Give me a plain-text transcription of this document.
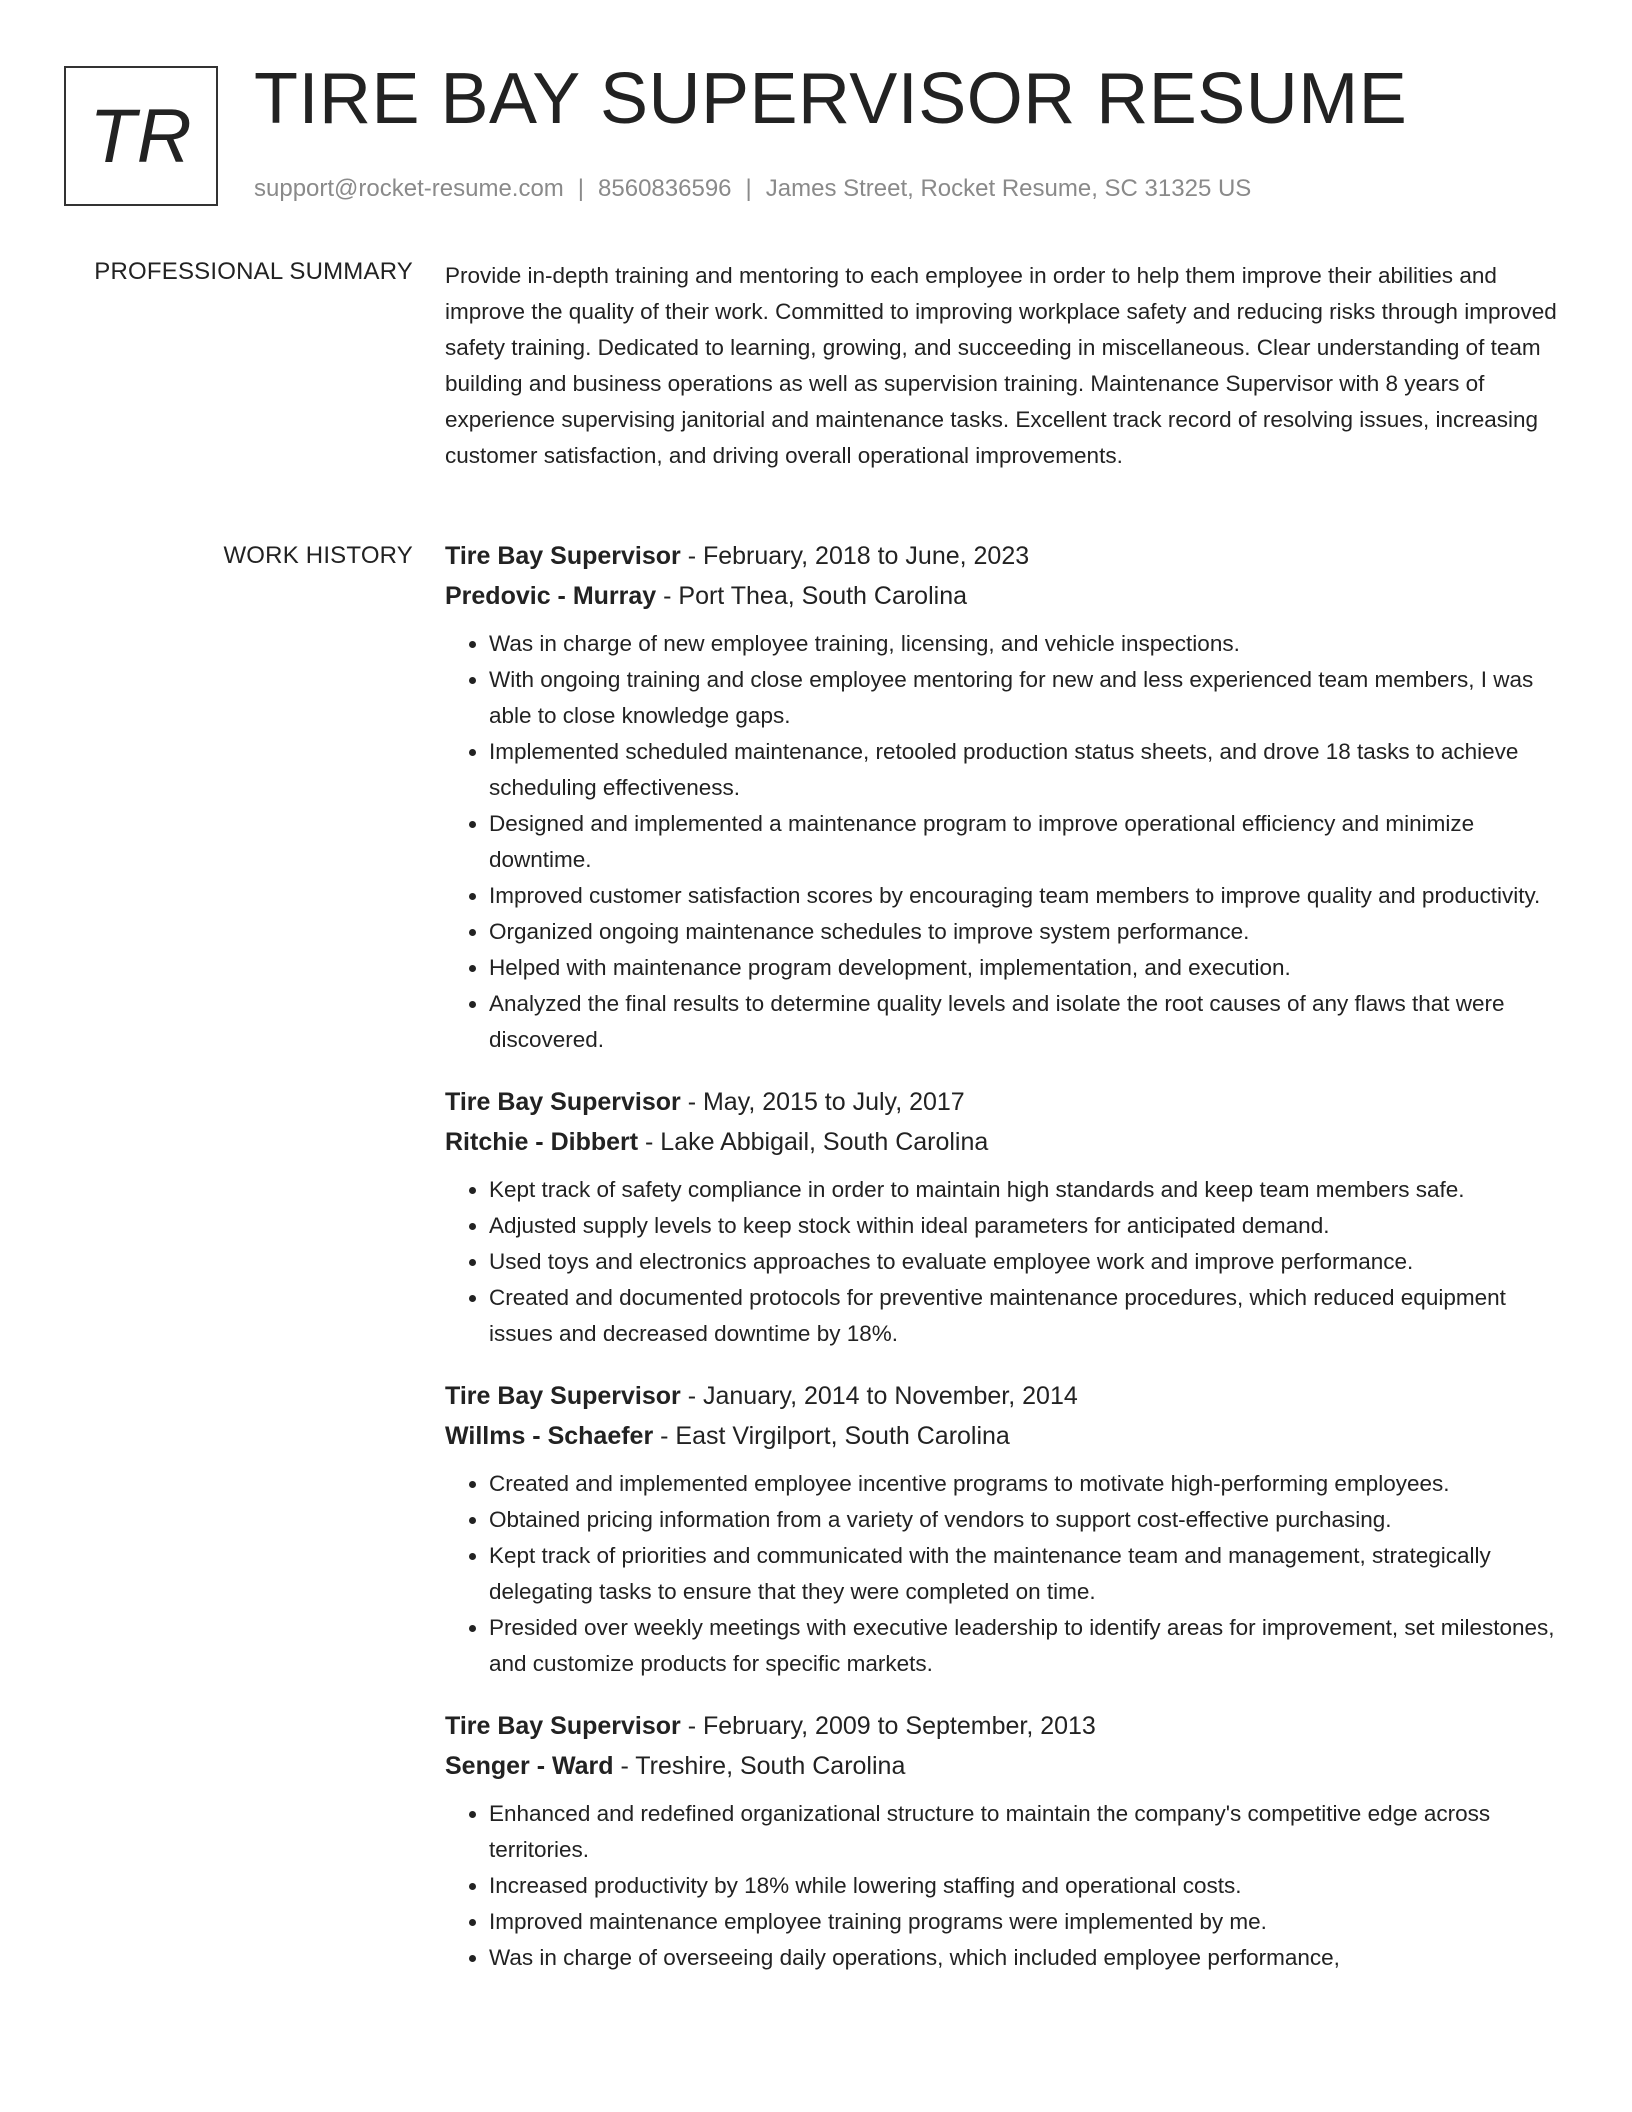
TR TIRE BAY SUPERVISOR RESUME
support@rocket-resume.com | 8560836596 | James Street, Rocket Resume, SC 31325 US
PROFESSIONAL SUMMARY Provide in-depth training and mentoring to each employee in order to help them improve their abilities and improve the quality of their work. Committed to improving workplace safety and reducing risks through improved safety training. Dedicated to learning, growing, and succeeding in miscellaneous. Clear understanding of team building and business operations as well as supervision training. Maintenance Supervisor with 8 years of experience supervising janitorial and maintenance tasks. Excellent track record of resolving issues, increasing customer satisfaction, and driving overall operational improvements.

WORK HISTORY Tire Bay Supervisor - February, 2018 to June, 2023
Predovic - Murray - Port Thea, South Carolina
• Was in charge of new employee training, licensing, and vehicle inspections.
• With ongoing training and close employee mentoring for new and less experienced team members, I was able to close knowledge gaps.
• Implemented scheduled maintenance, retooled production status sheets, and drove 18 tasks to achieve scheduling effectiveness.
• Designed and implemented a maintenance program to improve operational efficiency and minimize downtime.
• Improved customer satisfaction scores by encouraging team members to improve quality and productivity.
• Organized ongoing maintenance schedules to improve system performance.
• Helped with maintenance program development, implementation, and execution.
• Analyzed the final results to determine quality levels and isolate the root causes of any flaws that were discovered.
Tire Bay Supervisor - May, 2015 to July, 2017
Ritchie - Dibbert - Lake Abbigail, South Carolina
• Kept track of safety compliance in order to maintain high standards and keep team members safe.
• Adjusted supply levels to keep stock within ideal parameters for anticipated demand.
• Used toys and electronics approaches to evaluate employee work and improve performance.
• Created and documented protocols for preventive maintenance procedures, which reduced equipment issues and decreased downtime by 18%.
Tire Bay Supervisor - January, 2014 to November, 2014
Willms - Schaefer - East Virgilport, South Carolina
• Created and implemented employee incentive programs to motivate high-performing employees.
• Obtained pricing information from a variety of vendors to support cost-effective purchasing.
• Kept track of priorities and communicated with the maintenance team and management, strategically delegating tasks to ensure that they were completed on time.
• Presided over weekly meetings with executive leadership to identify areas for improvement, set milestones, and customize products for specific markets.
Tire Bay Supervisor - February, 2009 to September, 2013
Senger - Ward - Treshire, South Carolina
• Enhanced and redefined organizational structure to maintain the company's competitive edge across territories.
• Increased productivity by 18% while lowering staffing and operational costs.
• Improved maintenance employee training programs were implemented by me.
• Was in charge of overseeing daily operations, which included employee performance,
